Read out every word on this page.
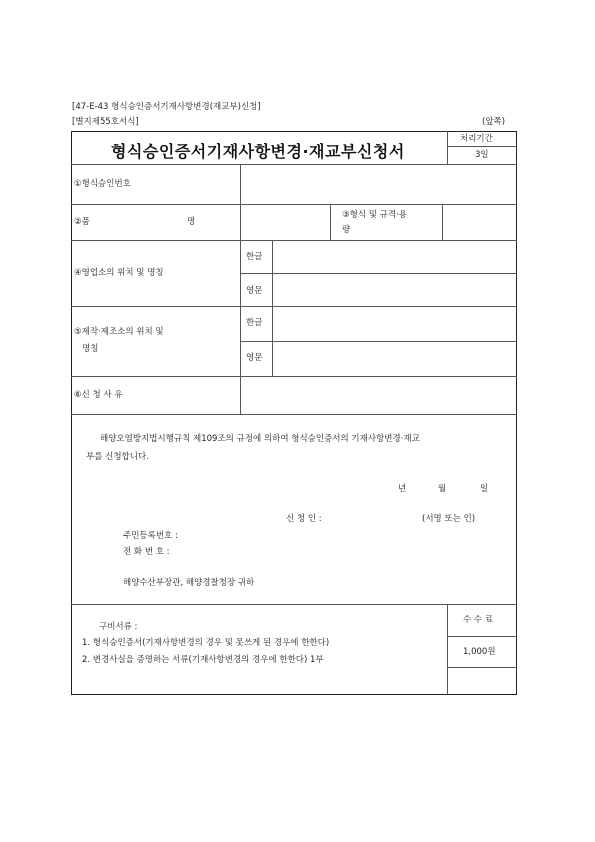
[47-E-43 형식승인증서기재사항변경(재교부)신청]
[별지제55호서식]	(앞쪽)
형식승인증서기재사항변경·재교부신청서
처리기간
3일
①형식승인번호
②품	명
③형식 및 규격·용
량
④영업소의 위치 및 명칭
한글
영문
⑤제작·제조소의 위치 및
명칭
한글
영문
⑥신 청 사 유
해양오염방지법시행규칙 제109조의 규정에 의하여 형식승인증서의 기재사항변경·재교
부를 신청합니다.
년	월	일
신 청 인 :	(서명 또는 인)
주민등록번호 :
전 화 번 호 :
해양수산부장관, 해양경찰청장 귀하
구비서류 :
1. 형식승인증서(기재사항변경의 경우 및 못쓰게 된 경우에 한한다)
2. 변경사실을 증명하는 서류(기재사항변경의 경우에 한한다) 1부
수 수 료
1,000원
